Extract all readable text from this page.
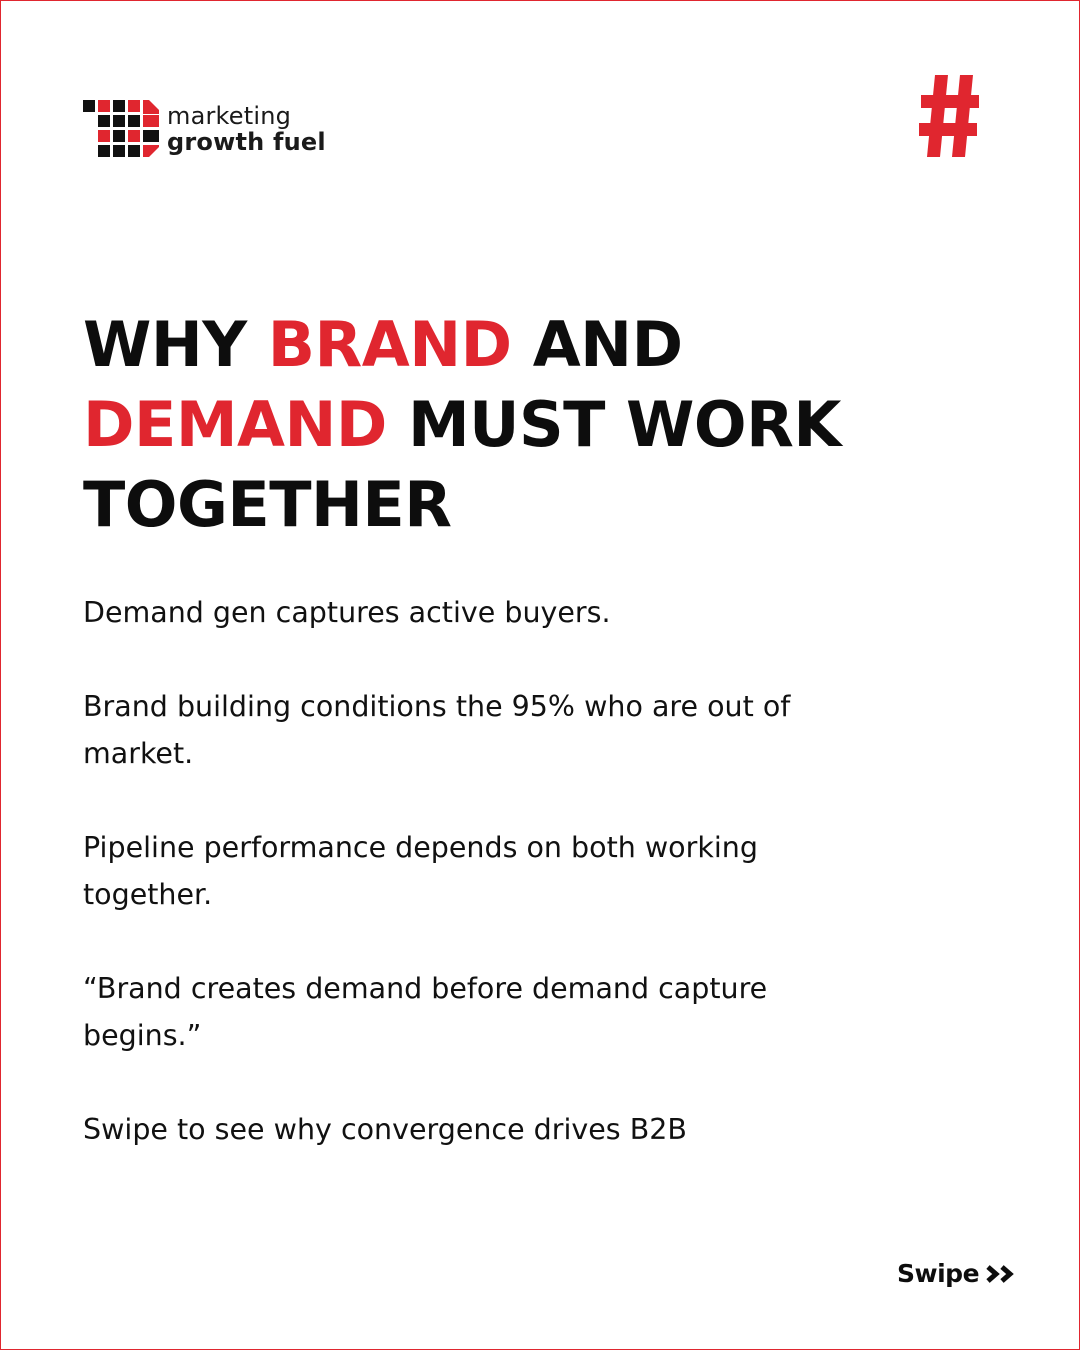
marketing
growth fuel
WHY BRAND AND
DEMAND MUST WORK
TOGETHER

Demand gen captures active buyers.

Brand building conditions the 95% who are out of market.

Pipeline performance depends on both working together.

“Brand creates demand before demand capture begins.”

Swipe to see why convergence drives B2B

Swipe
